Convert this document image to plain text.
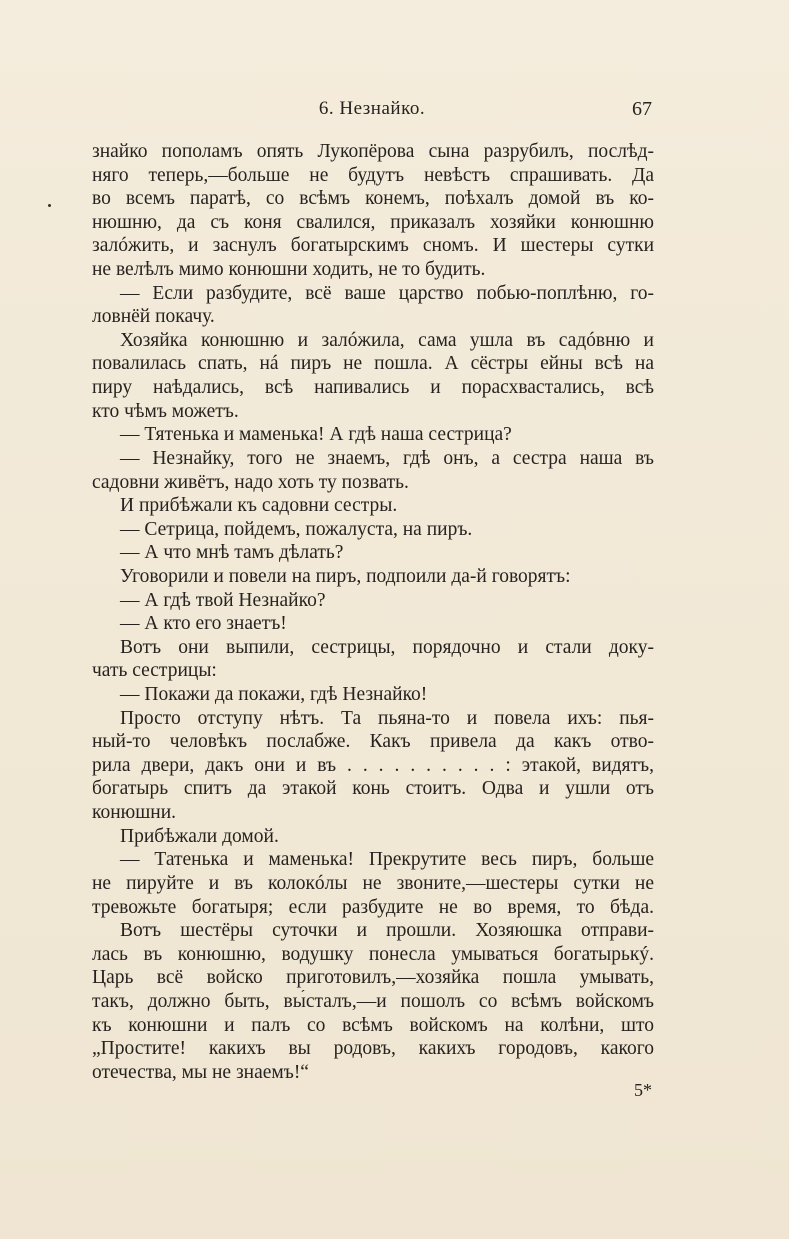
6. Незнайко.	67
знайко пополамъ опять Лукопёрова сына разрубилъ, послѣд-
няго теперь,—больше не будутъ невѣстъ спрашивать. Да
во всемъ паратѣ, со всѣмъ конемъ, поѣхалъ домой въ ко-
нюшню, да съ коня свалился, приказалъ хозяйки конюшню
залóжить, и заснулъ богатырскимъ сномъ. И шестеры сутки
не велѣлъ мимо конюшни ходить, не то будить.
— Если разбудите, всё ваше царство побью-поплѣню, го-
ловнёй покачу.
Хозяйка конюшню и залóжила, сама ушла въ садóвню и
повалилась спать, нá пиръ не пошла. А сёстры ейны всѣ на
пиру наѣдались, всѣ напивались и порасхвастались, всѣ
кто чѣмъ можетъ.
— Тятенька и маменька! А гдѣ наша сестрица?
— Незнайку, того не знаемъ, гдѣ онъ, а сестра наша въ
садовни живётъ, надо хоть ту позвать.
И прибѣжали къ садовни сестры.
— Сетрица, пойдемъ, пожалуста, на пиръ.
— А что мнѣ тамъ дѣлать?
Уговорили и повели на пиръ, подпоили да-й говорятъ:
— А гдѣ твой Незнайко?
— А кто его знаетъ!
Вотъ они выпили, сестрицы, порядочно и стали доку-
чать сестрицы:
— Покажи да покажи, гдѣ Незнайко!
Просто отступу нѣтъ. Та пьяна-то и повела ихъ: пья-
ный-то человѣкъ послабже. Какъ привела да какъ отво-
рила двери, дакъ они и въ . . . . . . . . . . : этакой, видятъ,
богатырь спитъ да этакой конь стоитъ. Одва и ушли отъ
конюшни.
Прибѣжали домой.
— Татенька и маменька! Прекрутите весь пиръ, больше
не пируйте и въ колокóлы не звоните,—шестеры сутки не
тревожьте богатыря; если разбудите не во время, то бѣда.
Вотъ шестёры суточки и прошли. Хозяюшка отправи-
лась въ конюшню, водушку понесла умываться богатырькý.
Царь всё войско приготовилъ,—хозяйка пошла умывать,
такъ, должно быть, вы́сталъ,—и пошолъ со всѣмъ войскомъ
къ конюшни и палъ со всѣмъ войскомъ на колѣни, што
„Простите! какихъ вы родовъ, какихъ городовъ, какого
отечества, мы не знаемъ!“
5*
